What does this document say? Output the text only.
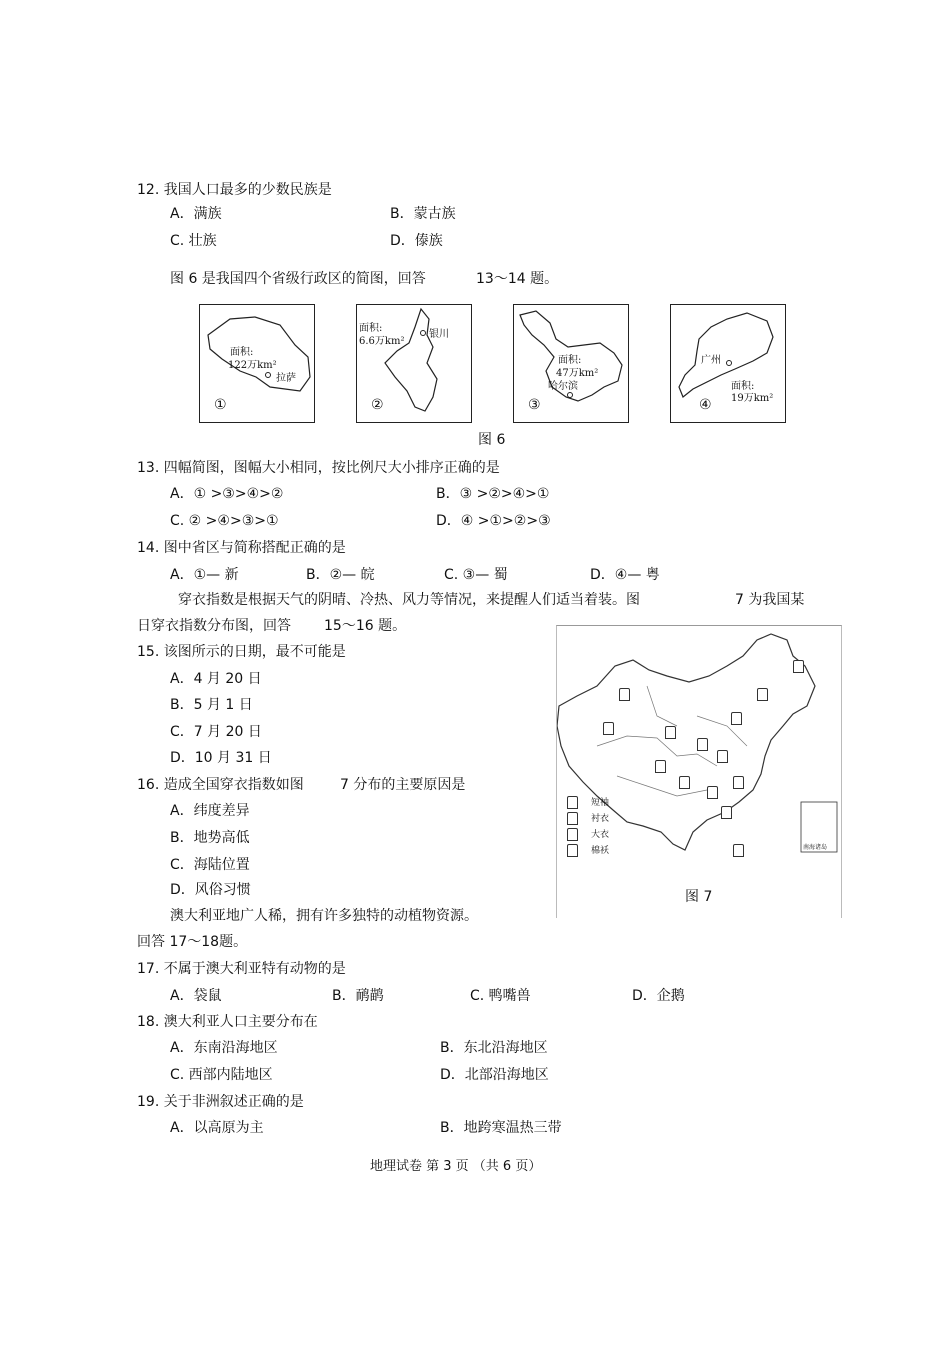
12. 我国人口最多的少数民族是
A．满族	B．蒙古族
C. 壮族	D．傣族
图 6 是我国四个省级行政区的简图，回答	13～14 题。
面积:
122万km²
拉萨
①
面积:
6.6万km²
银川
②
面积:
47万km²
哈尔滨
③
面积:
19万km²
广州
④
图 6
13. 四幅简图，图幅大小相同，按比例尺大小排序正确的是
A．① >③>④>②	B．③ >②>④>①
C. ② >④>③>①	D．④ >①>②>③
14. 图中省区与简称搭配正确的是
A．①— 新	B．②— 皖	C. ③— 蜀	D．④— 粤
穿衣指数是根据天气的阴晴、冷热、风力等情况，来提醒人们适当着装。图	7 为我国某
日穿衣指数分布图，回答 15～16 题。
15. 该图所示的日期，最不可能是
A．4 月 20 日
B．5 月 1 日
C．7 月 20 日
D．10 月 31 日
16. 造成全国穿衣指数如图	7 分布的主要原因是
A．纬度差异
B．地势高低
C．海陆位置
D．风俗习惯
短袖
衬衣
大衣
棉袄	南海诸岛
图 7
澳大利亚地广人稀，拥有许多独特的动植物资源。
回答 17～18题。
17. 不属于澳大利亚特有动物的是
A．袋鼠	B．鸸鹋	C. 鸭嘴兽	D．企鹅
18. 澳大利亚人口主要分布在
A．东南沿海地区	B．东北沿海地区
C. 西部内陆地区	D．北部沿海地区
19. 关于非洲叙述正确的是
A．以高原为主	B．地跨寒温热三带
地理试卷 第 3 页 （共 6 页）
